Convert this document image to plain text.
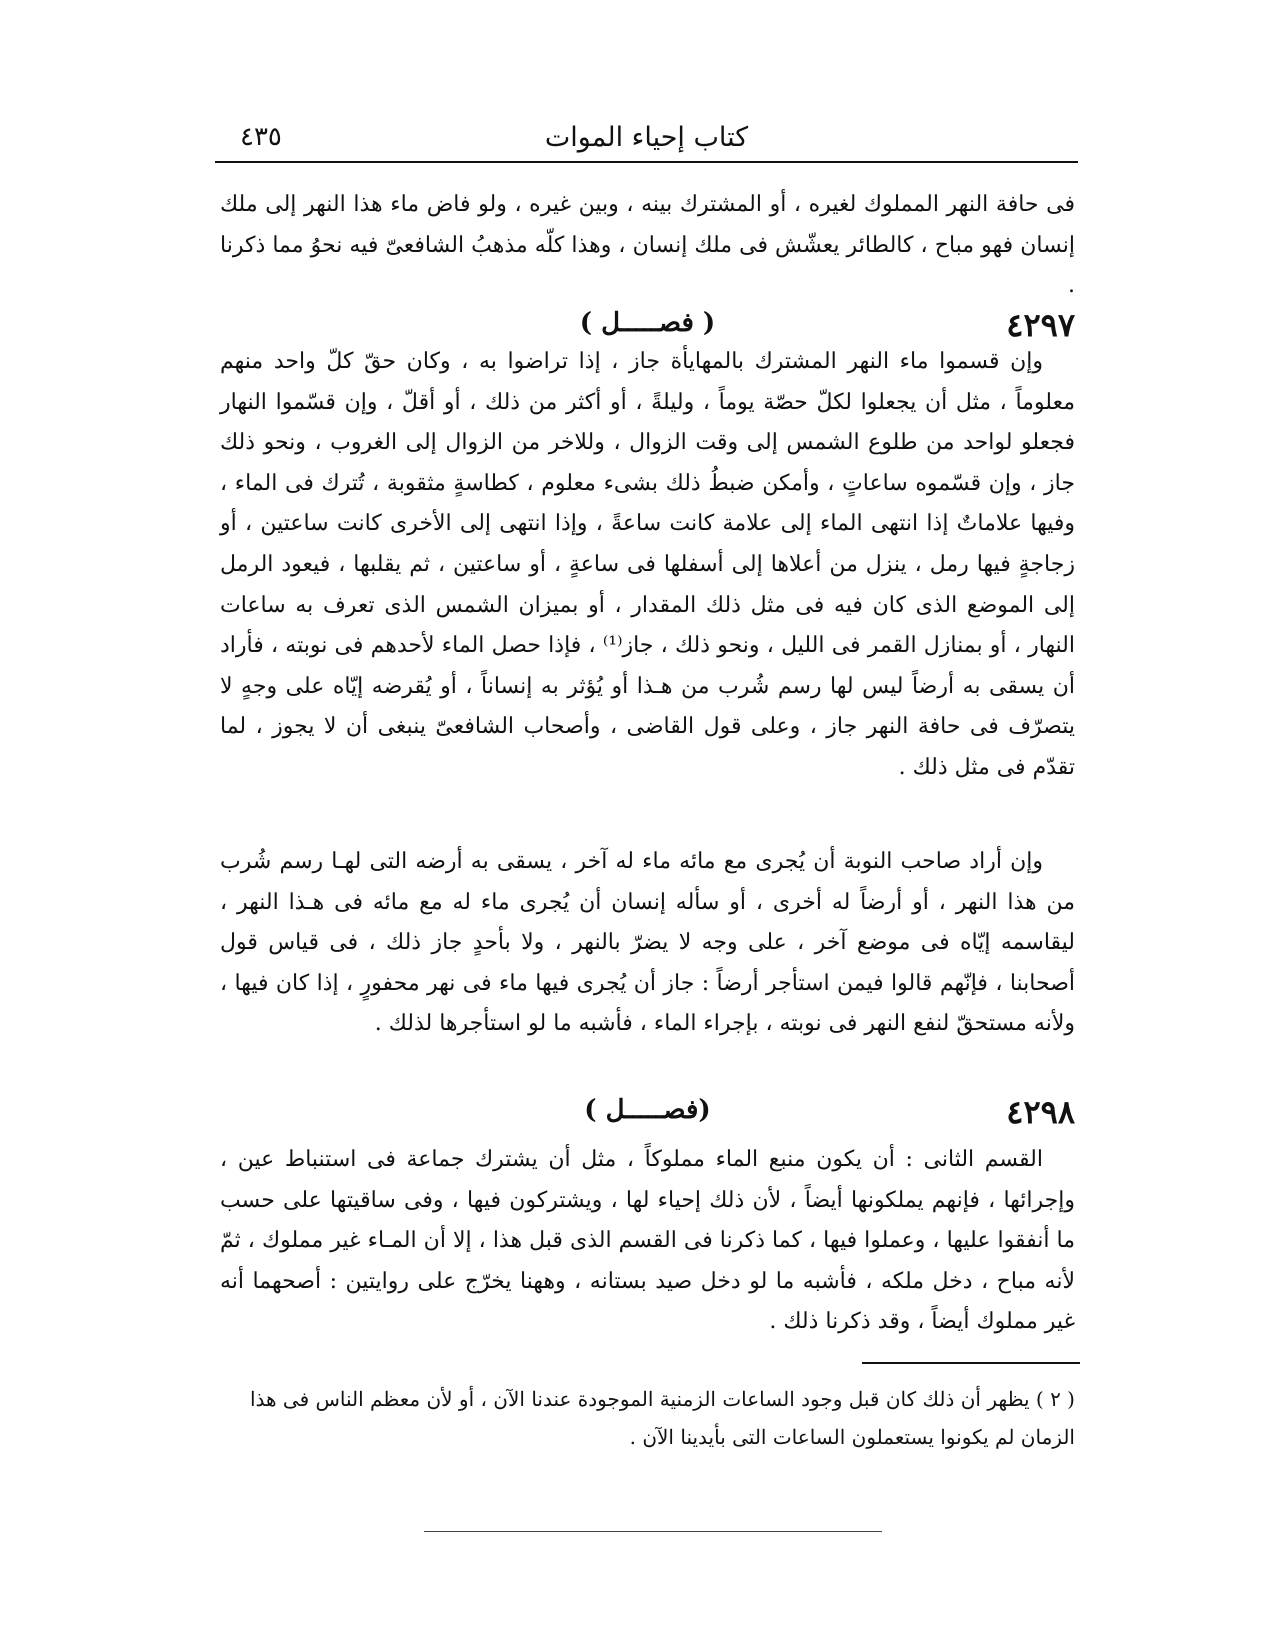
كتاب إحياء الموات
٤٣٥

فى حافة النهر المملوك لغيره ، أو المشترك بينه ، وبين غيره ، ولو فاض ماء هذا النهر إلى ملك إنسان فهو مباح ، كالطائر يعشّش فى ملك إنسان ، وهذا كلّه مذهبُ الشافعىّ فيه نحوُ مما ذكرنا .

٤٢٩٧
( فصـــــل )

وإن قسموا ماء النهر المشترك بالمهايأة جاز ، إذا تراضوا به ، وكان حقّ كلّ واحد منهم معلوماً ، مثل أن يجعلوا لكلّ حصّة يوماً ، وليلةً ، أو أكثر من ذلك ، أو أقلّ ، وإن قسّموا النهار فجعلو لواحد من طلوع الشمس إلى وقت الزوال ، وللاخر من الزوال إلى الغروب ، ونحو ذلك جاز ، وإن قسّموه ساعاتٍ ، وأمكن ضبطُ ذلك بشىء معلوم ، كطاسةٍ مثقوبة ، تُترك فى الماء ، وفيها علاماتٌ إذا انتهى الماء إلى علامة كانت ساعةً ، وإذا انتهى إلى الأخرى كانت ساعتين ، أو زجاجةٍ فيها رمل ، ينزل من أعلاها إلى أسفلها فى ساعةٍ ، أو ساعتين ، ثم يقلبها ، فيعود الرمل إلى الموضع الذى كان فيه فى مثل ذلك المقدار ، أو بميزان الشمس الذى تعرف به ساعات النهار ، أو بمنازل القمر فى الليل ، ونحو ذلك ، جاز⁽¹⁾ ، فإذا حصل الماء لأحدهم فى نوبته ، فأراد أن يسقى به أرضاً ليس لها رسم شُرب من هـذا أو يُؤثر به إنساناً ، أو يُقرضه إيّاه على وجهٍ لا يتصرّف فى حافة النهر جاز ، وعلى قول القاضى ، وأصحاب الشافعىّ ينبغى أن لا يجوز ، لما تقدّم فى مثل ذلك .

وإن أراد صاحب النوبة أن يُجرى مع مائه ماء له آخر ، يسقى به أرضه التى لهـا رسم شُرب من هذا النهر ، أو أرضاً له أخرى ، أو سأله إنسان أن يُجرى ماء له مع مائه فى هـذا النهر ، ليقاسمه إيّاه فى موضع آخر ، على وجه لا يضرّ بالنهر ، ولا بأحدٍ جاز ذلك ، فى قياس قول أصحابنا ، فإنّهم قالوا فيمن استأجر أرضاً : جاز أن يُجرى فيها ماء فى نهر محفورٍ ، إذا كان فيها ، ولأنه مستحقّ لنفع النهر فى نوبته ، بإجراء الماء ، فأشبه ما لو استأجرها لذلك .

٤٢٩٨
(فصـــــل )

القسم الثانى : أن يكون منبع الماء مملوكاً ، مثل أن يشترك جماعة فى استنباط عين ، وإجرائها ، فإنهم يملكونها أيضاً ، لأن ذلك إحياء لها ، ويشتركون فيها ، وفى ساقيتها على حسب ما أنفقوا عليها ، وعملوا فيها ، كما ذكرنا فى القسم الذى قبل هذا ، إلا أن المـاء غير مملوك ، ثمّ لأنه مباح ، دخل ملكه ، فأشبه ما لو دخل صيد بستانه ، وههنا يخرّج على روايتين : أصحهما أنه غير مملوك أيضاً ، وقد ذكرنا ذلك .

( ٢ ) يظهر أن ذلك كان قبل وجود الساعات الزمنية الموجودة عندنا الآن ، أو لأن معظم الناس فى هذا الزمان لم يكونوا يستعملون الساعات التى بأيدينا الآن .
